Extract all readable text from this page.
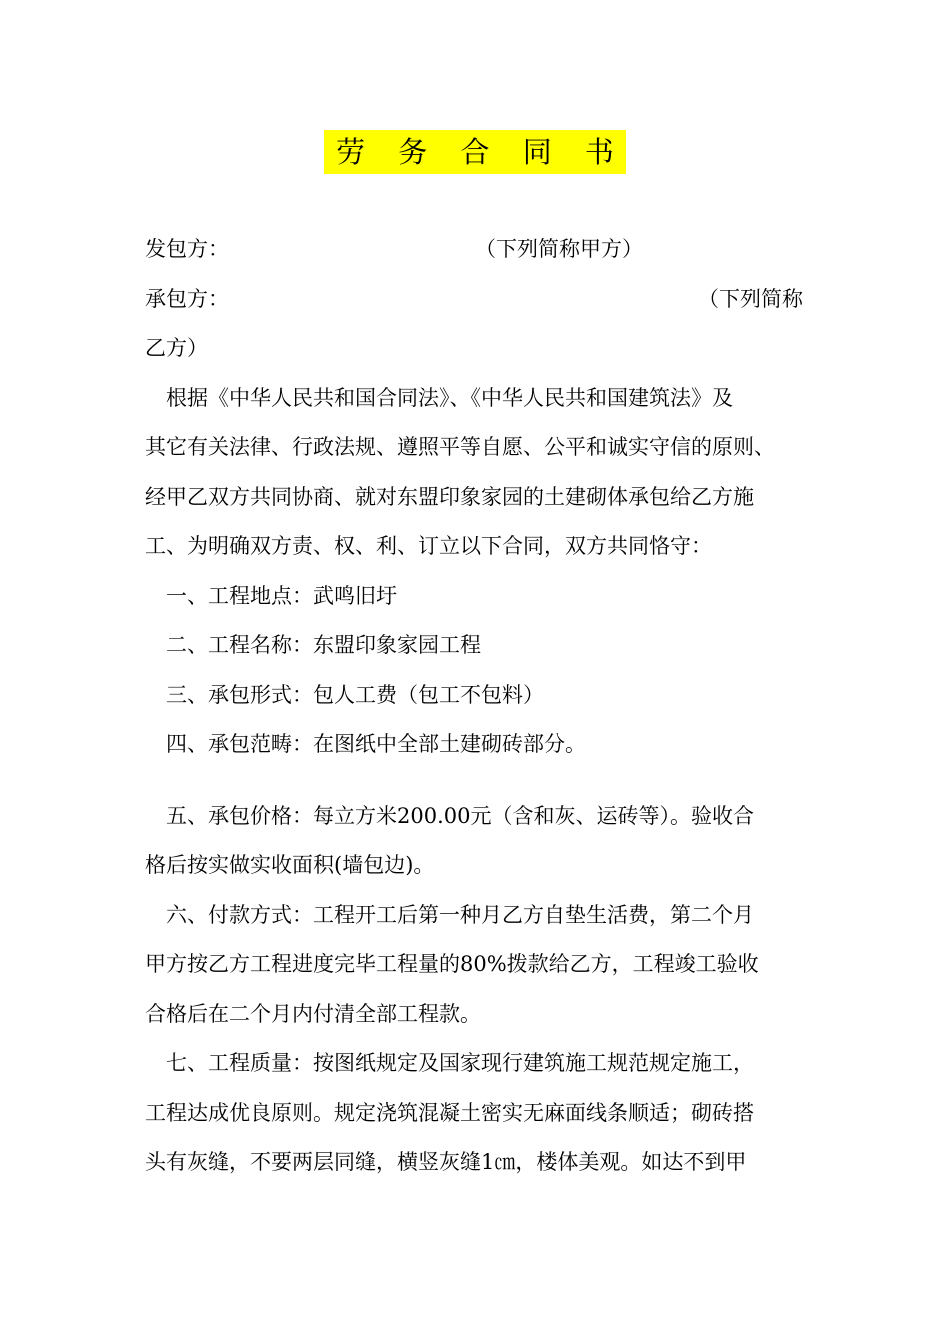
劳 务 合 同 书
发包方：	（下列简称甲方）
承包方：	（下列简称
乙方）
根据《中华人民共和国合同法》、《中华人民共和国建筑法》及
其它有关法律、行政法规、遵照平等自愿、公平和诚实守信的原则、
经甲乙双方共同协商、就对东盟印象家园的土建砌体承包给乙方施
工、为明确双方责、权、利、订立以下合同，双方共同恪守：
一、工程地点：武鸣旧圩
二、工程名称：东盟印象家园工程
三、承包形式：包人工费（包工不包料）
四、承包范畴：在图纸中全部土建砌砖部分。
五、承包价格：每立方米200.00元（含和灰、运砖等）。验收合
格后按实做实收面积(墙包边)。
六、付款方式：工程开工后第一种月乙方自垫生活费，第二个月
甲方按乙方工程进度完毕工程量的80%拨款给乙方，工程竣工验收
合格后在二个月内付清全部工程款。
七、工程质量：按图纸规定及国家现行建筑施工规范规定施工，
工程达成优良原则。规定浇筑混凝土密实无麻面线条顺适；砌砖搭
头有灰缝，不要两层同缝，横竖灰缝1㎝，楼体美观。如达不到甲
